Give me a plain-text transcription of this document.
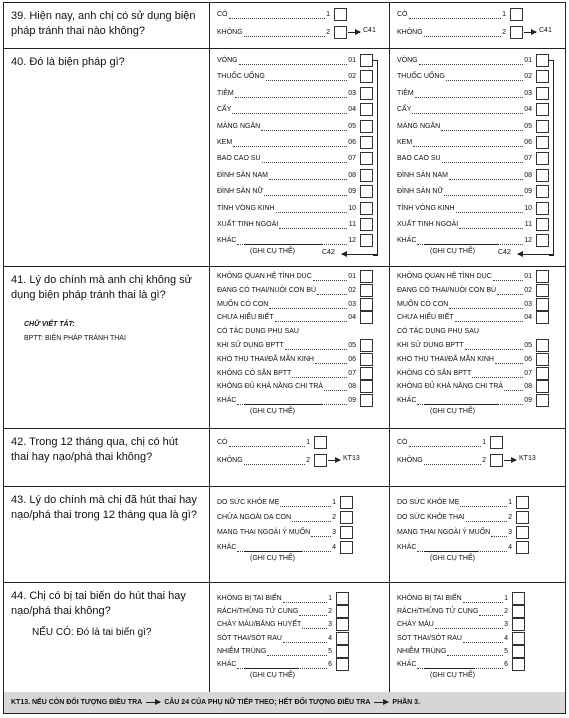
39. Hiện nay, anh chị có sử dụng biện pháp tránh thai nào không?
CÓ	1
KHÔNG	2	C41
CÓ	1
KHÔNG	2	C41
40. Đó là biện pháp gì?	VÒNG	01
THUỐC UỐNG	02
TIÊM	03
CẤY	04
MÀNG NGĂN	05
KEM	06
BAO CAO SU	07
ĐÌNH SẢN NAM	08
ĐÌNH SẢN NỮ	09
TÍNH VÒNG KINH	10
XUẤT TINH NGOÀI	11
KHÁC	12
C42
(GHI CỤ THỂ)
VÒNG	01
THUỐC UỐNG	02
TIÊM	03
CẤY	04
MÀNG NGĂN	05
KEM	06
BAO CAO SU	07
ĐÌNH SẢN NAM	08
ĐÌNH SẢN NỮ	09
TÍNH VÒNG KINH	10
XUẤT TINH NGOÀI	11
KHÁC	12
C42
(GHI CỤ THỂ)
41. Lý do chính mà anh chị không sử dụng biện pháp tránh thai là gì?
CHỮ VIẾT TẮT:
BPTT: BIỆN PHÁP TRÁNH THAI
KHÔNG QUAN HỆ TÌNH DỤC	01
ĐANG CÓ THAI/NUÔI CON BÚ	02
MUỐN CÓ CON	03
CHƯA HIỂU BIẾT	04
CÓ TÁC DỤNG PHỤ SAU
KHI SỬ DỤNG BPTT	05
KHÓ THỤ THAI/ĐÃ MÃN KINH	06
KHÔNG CÓ SẴN BPTT	07
KHÔNG ĐỦ KHẢ NĂNG CHI TRẢ	08
KHÁC	09
(GHI CỤ THỂ)
KHÔNG QUAN HỆ TÌNH DỤC	01
ĐANG CÓ THAI/NUÔI CON BÚ	02
MUỐN CÓ CON	03
CHƯA HIỂU BIẾT	04
CÓ TÁC DỤNG PHỤ SAU
KHI SỬ DỤNG BPTT	05
KHÓ THỤ THAI/ĐÃ MÃN KINH	06
KHÔNG CÓ SẴN BPTT	07
KHÔNG ĐỦ KHẢ NĂNG CHI TRẢ	08
KHÁC	09
(GHI CỤ THỂ)
42. Trong 12 tháng qua, chị có hút thai hay nạo/phá thai không?
CÓ	1
KHÔNG	2	KT13
CÓ	1
KHÔNG	2	KT13
43. Lý do chính mà chị đã hút thai hay nạo/phá thai trong 12 tháng qua là gì?
DO SỨC KHỎE MẸ	1
CHỬA NGOÀI DẠ CON	2
MANG THAI NGOÀI Ý MUỐN	3
KHÁC	4
(GHI CỤ THỂ)
DO SỨC KHỎE MẸ	1
DO SỨC KHỎE THAI	2
MANG THAI NGOÀI Ý MUỐN	3
KHÁC	4
(GHI CỤ THỂ)
44. Chị có bị tai biến do hút thai hay nạo/phá thai không?
NẾU CÓ: Đó là tai biến gì?
KHÔNG BỊ TAI BIẾN	1
RÁCH/THỦNG TỬ CUNG	2
CHẢY MÁU/BĂNG HUYẾT	3
SÓT THAI/SÓT RAU	4
NHIỄM TRÙNG	5
KHÁC	6
(GHI CỤ THỂ)
KHÔNG BỊ TAI BIẾN	1
RÁCH/THỦNG TỬ CUNG	2
CHẢY MÁU	3
SÓT THAI/SÓT RAU	4
NHIỄM TRÙNG	5
KHÁC	6
(GHI CỤ THỂ)
KT13. NẾU CÒN ĐỐI TƯỢNG ĐIỀU TRA	CÂU 24 CỦA PHỤ NỮ TIẾP THEO; HẾT ĐỐI TƯỢNG ĐIỀU TRA	PHẦN 3.
